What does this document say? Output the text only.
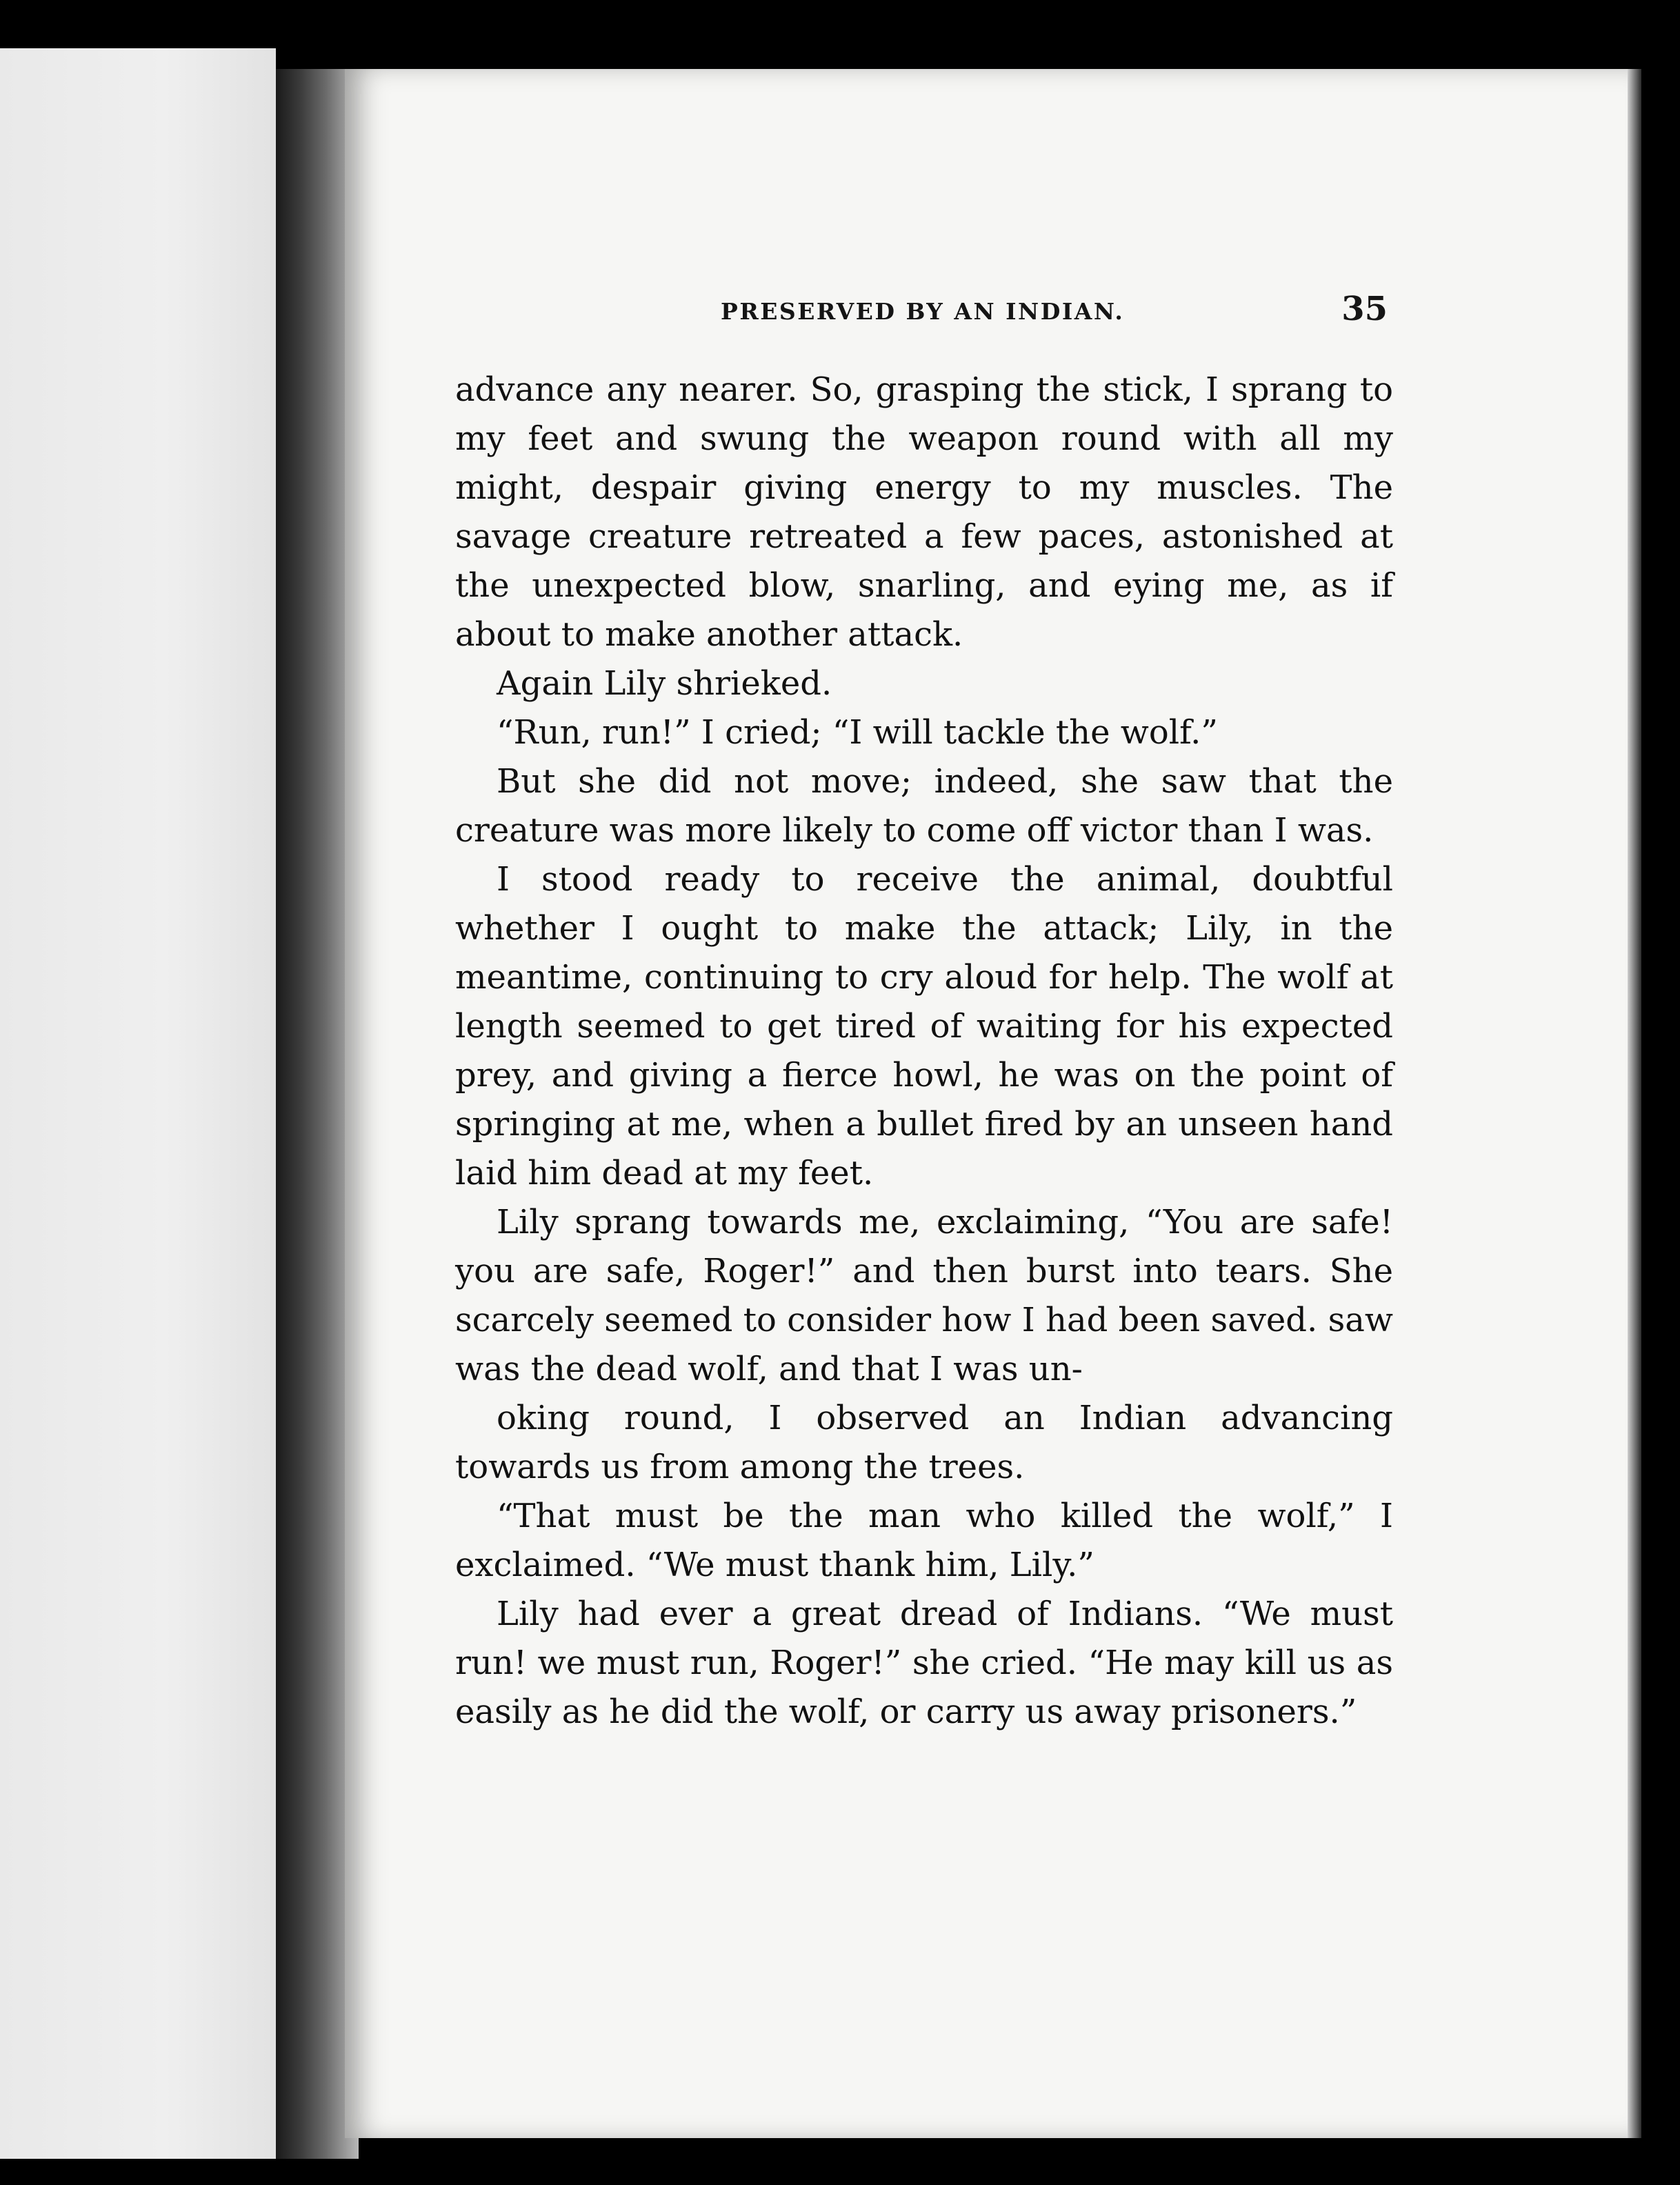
PRESERVED BY AN INDIAN.	35

advance any nearer. So, grasping the stick, I sprang to my feet and swung the weapon round with all my might, despair giving energy to my muscles. The savage creature retreated a few paces, astonished at the unexpected blow, snarling, and eying me, as if about to make another attack.

Again Lily shrieked.

“Run, run!” I cried; “I will tackle the wolf.”

But she did not move; indeed, she saw that the creature was more likely to come off victor than I was.

I stood ready to receive the animal, doubtful whether I ought to make the attack; Lily, in the meantime, continuing to cry aloud for help. The wolf at length seemed to get tired of waiting for his expected prey, and giving a fierce howl, he was on the point of springing at me, when a bullet fired by an unseen hand laid him dead at my feet.

Lily sprang towards me, exclaiming, “You are safe! you are safe, Roger!” and then burst into tears. She scarcely seemed to consider how I had been saved. saw was the dead wolf, and that I was un-

oking round, I observed an Indian advancing towards us from among the trees.

“That must be the man who killed the wolf,” I exclaimed. “We must thank him, Lily.”

Lily had ever a great dread of Indians. “We must run! we must run, Roger!” she cried. “He may kill us as easily as he did the wolf, or carry us away prisoners.”
